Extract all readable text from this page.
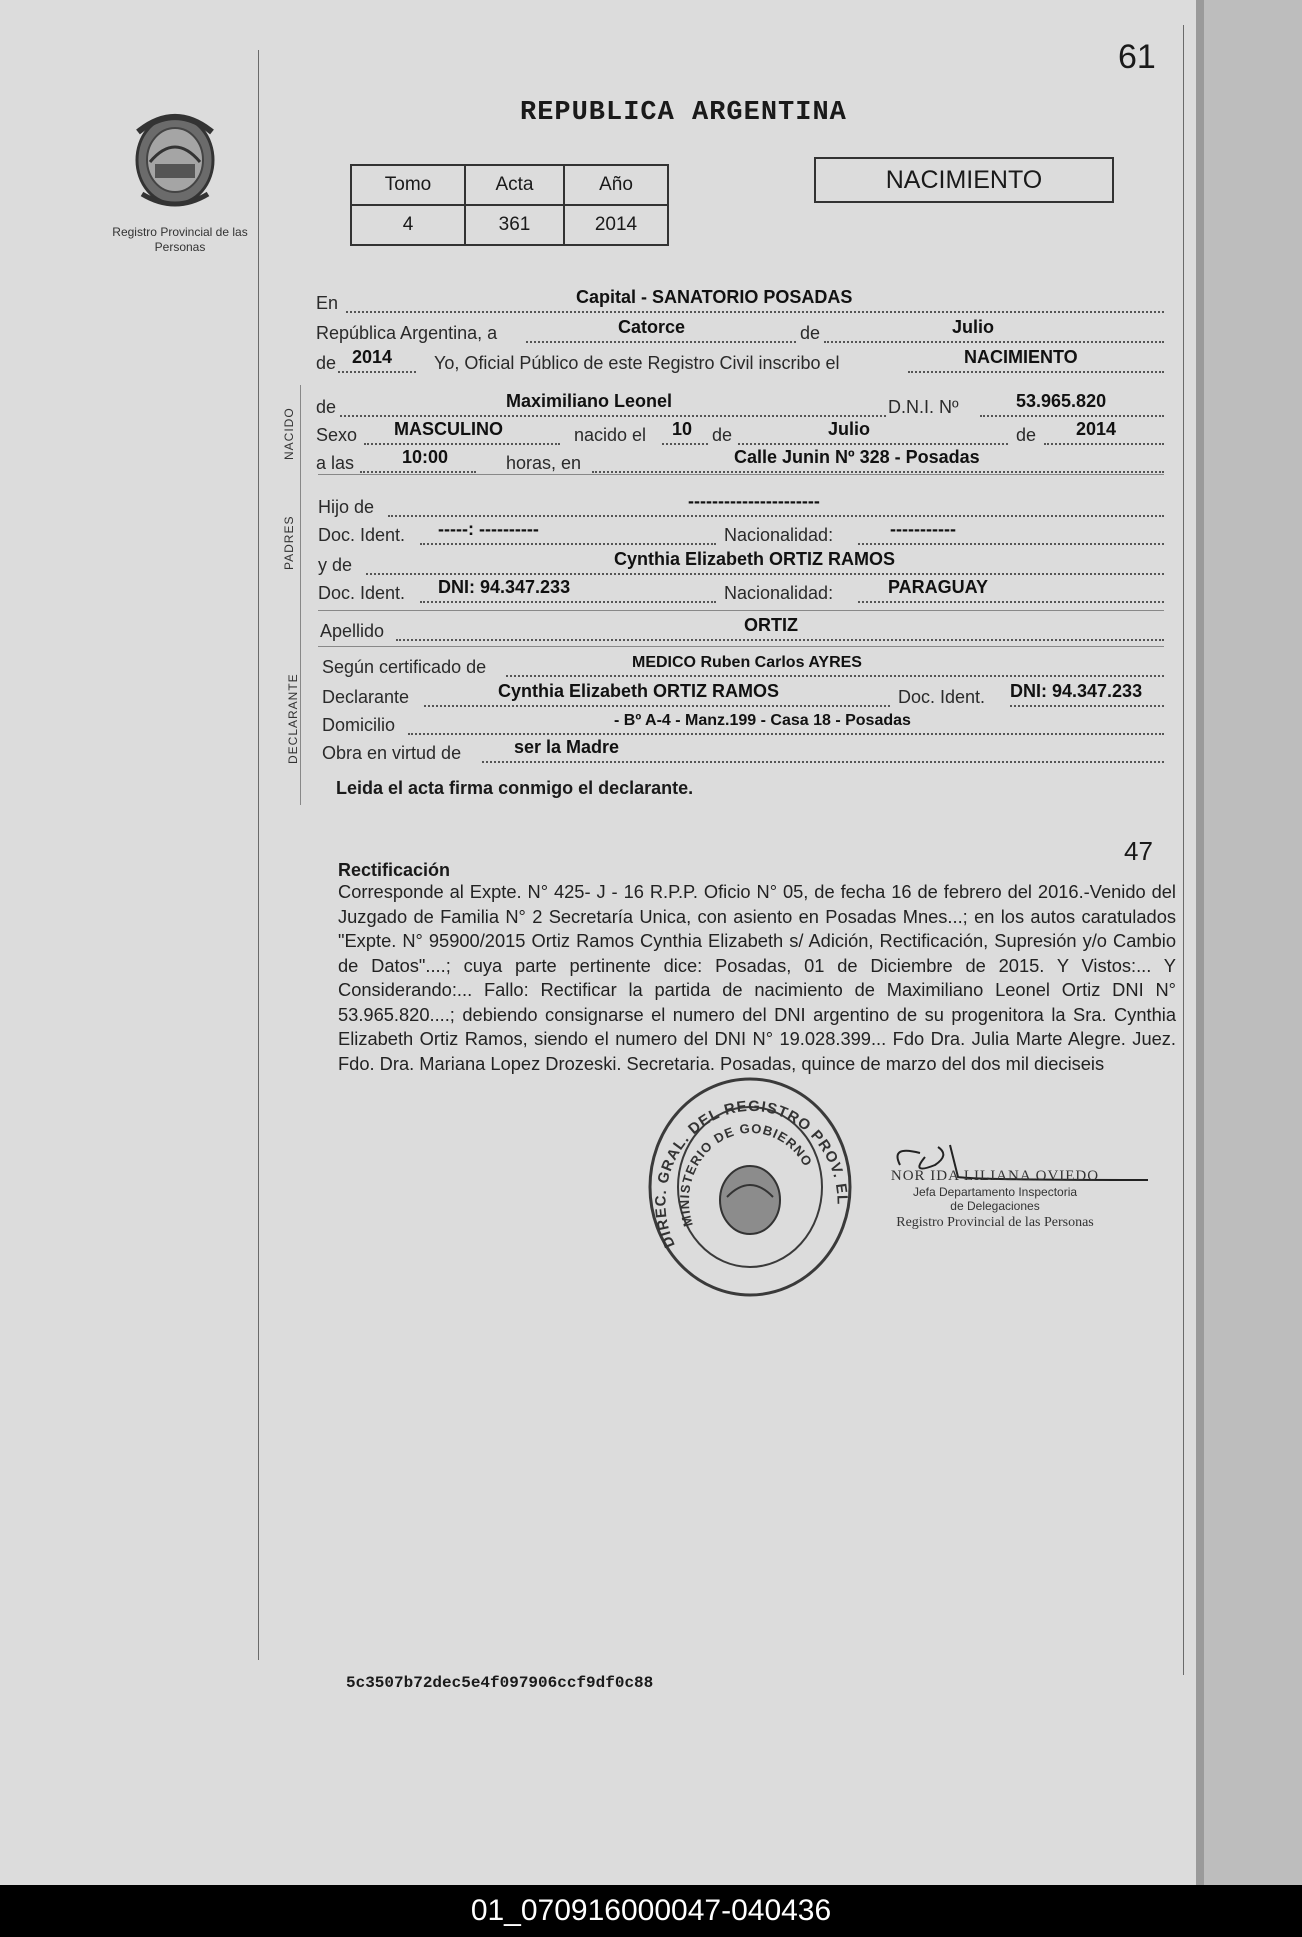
61
Registro Provincial de las Personas
REPUBLICA ARGENTINA
Tomo	Acta	Año
4	361	2014
NACIMIENTO
En	Capital - SANATORIO POSADAS
República Argentina, a	Catorce	de	Julio
de 2014 Yo, Oficial Público de este Registro Civil inscribo el	NACIMIENTO
de	Maximiliano Leonel	D.N.I. Nº	53.965.820
Sexo MASCULINO	nacido el 10 de	Julio	de 2014
a las	10:00	horas, en	Calle Junin Nº 328 - Posadas
Hijo de	----------------------
Doc. Ident. -----: ----------	Nacionalidad:	-----------
y de	Cynthia Elizabeth ORTIZ RAMOS
Doc. Ident. DNI: 94.347.233	Nacionalidad:	PARAGUAY
Apellido	ORTIZ
Según certificado de	MEDICO Ruben Carlos AYRES
Declarante	Cynthia Elizabeth ORTIZ RAMOS	Doc. Ident. DNI: 94.347.233
Domicilio	- Bº A-4 - Manz.199 - Casa 18 - Posadas
Obra en virtud de	ser la Madre
NACIDO
PADRES
DECLARANTE
Leida el acta firma conmigo el declarante.
47
Rectificación
Corresponde al Expte. N° 425- J - 16 R.P.P. Oficio N° 05, de fecha 16 de febrero del 2016.-Venido del Juzgado de Familia N° 2 Secretaría Unica, con asiento en Posadas Mnes...; en los autos caratulados "Expte. N° 95900/2015 Ortiz Ramos Cynthia Elizabeth s/ Adición, Rectificación, Supresión y/o Cambio de Datos"....; cuya parte pertinente dice: Posadas, 01 de Diciembre de 2015. Y Vistos:... Y Considerando:... Fallo: Rectificar la partida de nacimiento de Maximiliano Leonel Ortiz DNI N° 53.965.820....; debiendo consignarse el numero del DNI argentino de su progenitora la Sra. Cynthia Elizabeth Ortiz Ramos, siendo el numero del DNI N° 19.028.399... Fdo Dra. Julia Marte Alegre. Juez. Fdo. Dra. Mariana Lopez Drozeski. Secretaria. Posadas, quince de marzo del dos mil dieciseis
DIREC. GRAL. DEL REGISTRO PROV. EL
MINISTERIO DE GOBIERNO
NOR IDA LILIANA OVIEDO
Jefa Departamento Inspectoria
de Delegaciones
Registro Provincial de las Personas
5c3507b72dec5e4f097906ccf9df0c88
01_070916000047-040436
